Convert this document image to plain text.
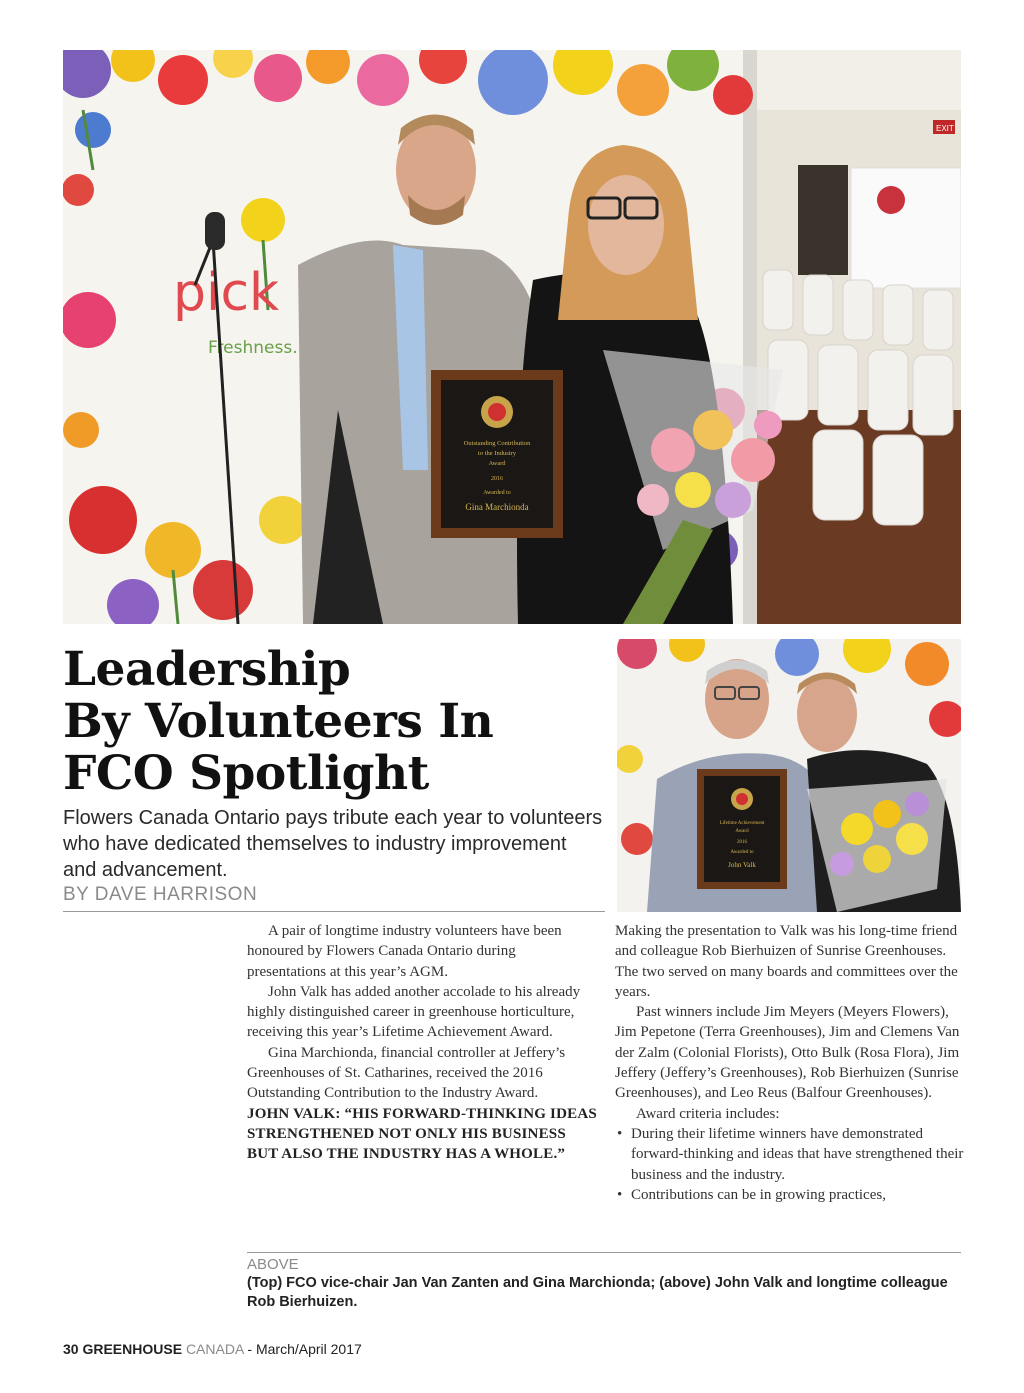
EXIT
pick
Freshness.
Outstanding Contribution
to the Industry
Award
2016
Awarded to
Gina Marchionda
Leadership
By Volunteers In
FCO Spotlight

Flowers Canada Ontario pays tribute each year to volunteers who have dedicated themselves to industry improvement and advancement.

BY DAVE HARRISON
Lifetime Achievement
Award
2016
Awarded to
John Valk

A pair of longtime industry volunteers have been honoured by Flowers Canada Ontario during presentations at this year’s AGM.

John Valk has added another accolade to his already highly distinguished career in greenhouse horticulture, receiving this year’s Lifetime Achievement Award.

Gina Marchionda, financial controller at Jeffery’s Greenhouses of St. Catharines, received the 2016 Outstanding Contribution to the Industry Award.

JOHN VALK: “HIS FORWARD-THINKING IDEAS STRENGTHENED NOT ONLY HIS BUSINESS BUT ALSO THE INDUSTRY HAS A WHOLE.”

Making the presentation to Valk was his long-time friend and colleague Rob Bierhuizen of Sunrise Greenhouses. The two served on many boards and committees over the years.

Past winners include Jim Meyers (Meyers Flowers), Jim Pepetone (Terra Greenhouses), Jim and Clemens Van der Zalm (Colonial Florists), Otto Bulk (Rosa Flora), Jim Jeffery (Jeffery’s Greenhouses), Rob Bierhuizen (Sunrise Greenhouses), and Leo Reus (Balfour Greenhouses).

Award criteria includes:

• During their lifetime winners have demonstrated forward-thinking and ideas that have strengthened their business and the industry.
• Contributions can be in growing practices,
ABOVE
(Top) FCO vice-chair Jan Van Zanten and Gina Marchionda; (above) John Valk and longtime colleague Rob Bierhuizen.
30 GREENHOUSE CANADA - March/April 2017
